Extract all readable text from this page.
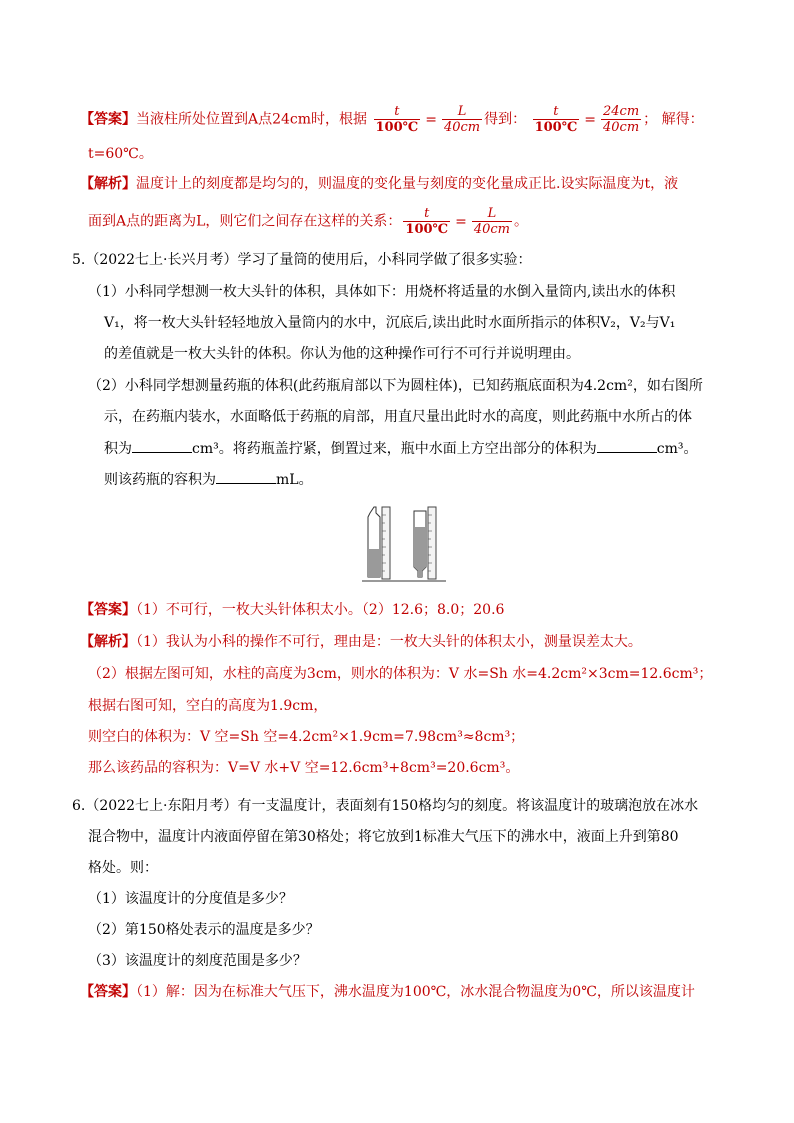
【答案】当液柱所处位置到A点24cm时，根据 $\frac{t}{100℃} = \frac{L}{40cm}$ 得到： $\frac{t}{100℃} = \frac{24cm}{40cm}$ ； 解得：
t=60℃。
【解析】温度计上的刻度都是均匀的，则温度的变化量与刻度的变化量成正比.设实际温度为t，液
面到A点的距离为L，则它们之间存在这样的关系： $\frac{t}{100℃} = \frac{L}{40cm}$ 。
5.（2022七上·长兴月考）学习了量筒的使用后，小科同学做了很多实验：
（1）小科同学想测一枚大头针的体积，具体如下：用烧杯将适量的水倒入量筒内,读出水的体积
V₁，将一枚大头针轻轻地放入量筒内的水中，沉底后,读出此时水面所指示的体积V₂，V₂与V₁
的差值就是一枚大头针的体积。你认为他的这种操作可行不可行并说明理由。
（2）小科同学想测量药瓶的体积(此药瓶肩部以下为圆柱体)，已知药瓶底面积为4.2cm²，如右图所
示，在药瓶内装水，水面略低于药瓶的肩部，用直尺量出此时水的高度，则此药瓶中水所占的体
积为	cm³。将药瓶盖拧紧，倒置过来，瓶中水面上方空出部分的体积为	cm³。
则该药瓶的容积为	mL。
【答案】（1）不可行，一枚大头针体积太小。（2）12.6；8.0；20.6
【解析】（1）我认为小科的操作不可行，理由是：一枚大头针的体积太小，测量误差太大。
（2）根据左图可知，水柱的高度为3cm，则水的体积为：V 水=Sh 水=4.2cm²×3cm=12.6cm³；
根据右图可知，空白的高度为1.9cm，
则空白的体积为：V 空=Sh 空=4.2cm²×1.9cm=7.98cm³≈8cm³；
那么该药品的容积为：V=V 水+V 空=12.6cm³+8cm³=20.6cm³。
6.（2022七上·东阳月考）有一支温度计，表面刻有150格均匀的刻度。将该温度计的玻璃泡放在冰水
混合物中，温度计内液面停留在第30格处；将它放到1标准大气压下的沸水中，液面上升到第80
格处。则：
（1）该温度计的分度值是多少？
（2）第150格处表示的温度是多少？
（3）该温度计的刻度范围是多少？
【答案】（1）解：因为在标准大气压下，沸水温度为100℃，冰水混合物温度为0℃，所以该温度计
